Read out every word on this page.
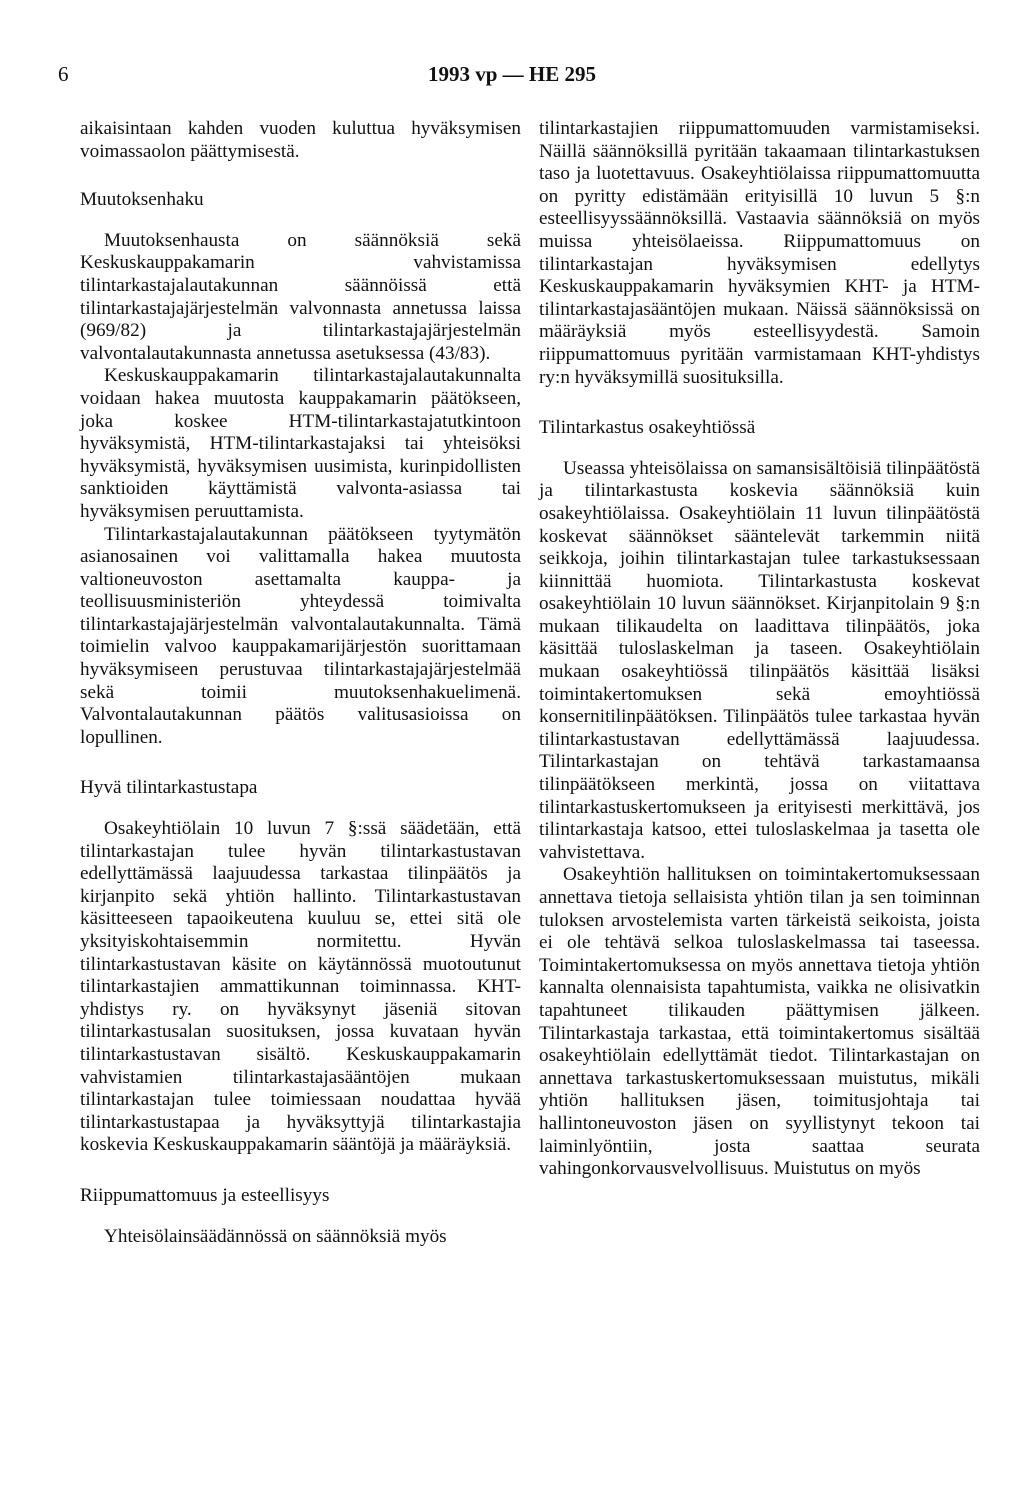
6	1993 vp — HE 295

aikaisintaan kahden vuoden kuluttua hyväksymisen voimassaolon päättymisestä.

Muutoksenhaku

Muutoksenhausta on säännöksiä sekä Keskuskauppakamarin vahvistamissa tilintarkastajalautakunnan säännöissä että tilintarkastajajärjestelmän valvonnasta annetussa laissa (969/82) ja tilintarkastajajärjestelmän valvontalautakunnasta annetussa asetuksessa (43/83).

Keskuskauppakamarin tilintarkastajalautakunnalta voidaan hakea muutosta kauppakamarin päätökseen, joka koskee HTM-tilintarkastajatutkintoon hyväksymistä, HTM-tilintarkastajaksi tai yhteisöksi hyväksymistä, hyväksymisen uusimista, kurinpidollisten sanktioiden käyttämistä valvonta-asiassa tai hyväksymisen peruuttamista.

Tilintarkastajalautakunnan päätökseen tyytymätön asianosainen voi valittamalla hakea muutosta valtioneuvoston asettamalta kauppa- ja teollisuusministeriön yhteydessä toimivalta tilintarkastajajärjestelmän valvontalautakunnalta. Tämä toimielin valvoo kauppakamarijärjestön suorittamaan hyväksymiseen perustuvaa tilintarkastajajärjestelmää sekä toimii muutoksenhakuelimenä. Valvontalautakunnan päätös valitusasioissa on lopullinen.

Hyvä tilintarkastustapa

Osakeyhtiölain 10 luvun 7 §:ssä säädetään, että tilintarkastajan tulee hyvän tilintarkastustavan edellyttämässä laajuudessa tarkastaa tilinpäätös ja kirjanpito sekä yhtiön hallinto. Tilintarkastustavan käsitteeseen tapaoikeutena kuuluu se, ettei sitä ole yksityiskohtaisemmin normitettu. Hyvän tilintarkastustavan käsite on käytännössä muotoutunut tilintarkastajien ammattikunnan toiminnassa. KHT-yhdistys ry. on hyväksynyt jäseniä sitovan tilintarkastusalan suosituksen, jossa kuvataan hyvän tilintarkastustavan sisältö. Keskuskauppakamarin vahvistamien tilintarkastajasääntöjen mukaan tilintarkastajan tulee toimiessaan noudattaa hyvää tilintarkastustapaa ja hyväksyttyjä tilintarkastajia koskevia Keskuskauppakamarin sääntöjä ja määräyksiä.

Riippumattomuus ja esteellisyys

Yhteisölainsäädännössä on säännöksiä myös

tilintarkastajien riippumattomuuden varmistamiseksi. Näillä säännöksillä pyritään takaamaan tilintarkastuksen taso ja luotettavuus. Osakeyhtiölaissa riippumattomuutta on pyritty edistämään erityisillä 10 luvun 5 §:n esteellisyyssäännöksillä. Vastaavia säännöksiä on myös muissa yhteisölaeissa. Riippumattomuus on tilintarkastajan hyväksymisen edellytys Keskuskauppakamarin hyväksymien KHT- ja HTM-tilintarkastajasääntöjen mukaan. Näissä säännöksissä on määräyksiä myös esteellisyydestä. Samoin riippumattomuus pyritään varmistamaan KHT-yhdistys ry:n hyväksymillä suosituksilla.

Tilintarkastus osakeyhtiössä

Useassa yhteisölaissa on samansisältöisiä tilinpäätöstä ja tilintarkastusta koskevia säännöksiä kuin osakeyhtiölaissa. Osakeyhtiölain 11 luvun tilinpäätöstä koskevat säännökset sääntelevät tarkemmin niitä seikkoja, joihin tilintarkastajan tulee tarkastuksessaan kiinnittää huomiota. Tilintarkastusta koskevat osakeyhtiölain 10 luvun säännökset. Kirjanpitolain 9 §:n mukaan tilikaudelta on laadittava tilinpäätös, joka käsittää tuloslaskelman ja taseen. Osakeyhtiölain mukaan osakeyhtiössä tilinpäätös käsittää lisäksi toimintakertomuksen sekä emoyhtiössä konsernitilinpäätöksen. Tilinpäätös tulee tarkastaa hyvän tilintarkastustavan edellyttämässä laajuudessa. Tilintarkastajan on tehtävä tarkastamaansa tilinpäätökseen merkintä, jossa on viitattava tilintarkastuskertomukseen ja erityisesti merkittävä, jos tilintarkastaja katsoo, ettei tuloslaskelmaa ja tasetta ole vahvistettava.

Osakeyhtiön hallituksen on toimintakertomuksessaan annettava tietoja sellaisista yhtiön tilan ja sen toiminnan tuloksen arvostelemista varten tärkeistä seikoista, joista ei ole tehtävä selkoa tuloslaskelmassa tai taseessa. Toimintakertomuksessa on myös annettava tietoja yhtiön kannalta olennaisista tapahtumista, vaikka ne olisivatkin tapahtuneet tilikauden päättymisen jälkeen. Tilintarkastaja tarkastaa, että toimintakertomus sisältää osakeyhtiölain edellyttämät tiedot. Tilintarkastajan on annettava tarkastuskertomuksessaan muistutus, mikäli yhtiön hallituksen jäsen, toimitusjohtaja tai hallintoneuvoston jäsen on syyllistynyt tekoon tai laiminlyöntiin, josta saattaa seurata vahingonkorvausvelvollisuus. Muistutus on myös
